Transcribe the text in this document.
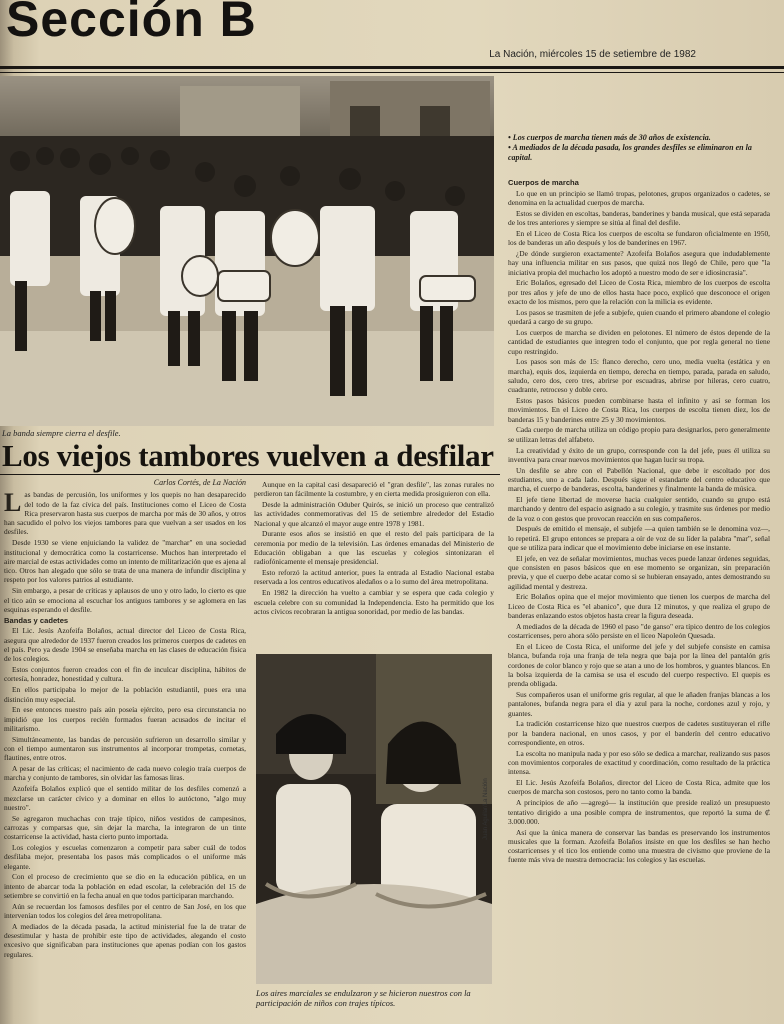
Sección B
La Nación, miércoles 15 de setiembre de 1982
La banda siempre cierra el desfile.

• Los cuerpos de marcha tienen más de 30 años de existencia.

• A mediados de la década pasada, los grandes desfiles se eliminaron en la capital.

Los viejos tambores vuelven a desfilar
Carlos Cortés, de La Nación

Las bandas de percusión, los uniformes y los quepis no han desaparecido del todo de la faz cívica del país. Instituciones como el Liceo de Costa Rica preservaron hasta sus cuerpos de marcha por más de 30 años, y otros han sacudido el polvo los viejos tambores para que vuelvan a ser usados en los desfiles.

Desde 1930 se viene enjuiciando la validez de "marchar" en una sociedad institucional y democrática como la costarricense. Muchos han interpretado el aire marcial de estas actividades como un intento de militarización que es ajena al tico. Otros han alegado que sólo se trata de una manera de infundir disciplina y respeto por los valores patrios al estudiante.

Sin embargo, a pesar de críticas y aplausos de uno y otro lado, lo cierto es que el tico aún se emociona al escuchar los antiguos tambores y se aglomera en las esquinas esperando el desfile.

Bandas y cadetes

El Lic. Jesús Azofeifa Bolaños, actual director del Liceo de Costa Rica, asegura que alrededor de 1937 fueron creados los primeros cuerpos de cadetes en el país. Pero ya desde 1904 se enseñaba marcha en las clases de educación física de los colegios.

Estos conjuntos fueron creados con el fin de inculcar disciplina, hábitos de cortesía, honradez, honestidad y cultura.

En ellos participaba lo mejor de la población estudiantil, pues era una distinción muy especial.

En ese entonces nuestro país aún poseía ejército, pero esa circunstancia no impidió que los cuerpos recién formados fueran acusados de incitar el militarismo.

Simultáneamente, las bandas de percusión sufrieron un desarrollo similar y con el tiempo aumentaron sus instrumentos al incorporar trompetas, cornetas, flautines, entre otros.

A pesar de las críticas; el nacimiento de cada nuevo colegio traía cuerpos de marcha y conjunto de tambores, sin olvidar las famosas liras.

Azofeifa Bolaños explicó que el sentido militar de los desfiles comenzó a mezclarse un carácter cívico y a dominar en ellos lo autóctono, "algo muy nuestro".

Se agregaron muchachas con traje típico, niños vestidos de campesinos, carrozas y comparsas que, sin dejar la marcha, la integraron de un tinte costarricense la actividad, hasta cierto punto importada.

Los colegios y escuelas comenzaron a competir para saber cuál de todos desfilaba mejor, presentaba los pasos más complicados o el uniforme más elegante.

Con el proceso de crecimiento que se dio en la educación pública, en un intento de abarcar toda la población en edad escolar, la celebración del 15 de setiembre se convirtió en la fecha anual en que todos participaran marchando.

Aún se recuerdan los famosos desfiles por el centro de San José, en los que intervenían todos los colegios del área metropolitana.

A mediados de la década pasada, la actitud ministerial fue la de tratar de desestimular y hasta de prohibir este tipo de actividades, alegando el costo excesivo que significaban para instituciones que apenas podían con los gastos regulares.

Aunque en la capital casi desapareció el "gran desfile", las zonas rurales no perdieron tan fácilmente la costumbre, y en cierta medida prosiguieron con ella.

Desde la administración Oduber Quirós, se inició un proceso que centralizó las actividades conmemorativas del 15 de setiembre alrededor del Estadio Nacional y que alcanzó el mayor auge entre 1978 y 1981.

Durante esos años se insistió en que el resto del país participara de la ceremonia por medio de la televisión. Las órdenes emanadas del Ministerio de Educación obligaban a que las escuelas y colegios sintonizaran el radiofónicamente el mensaje presidencial.

Esto reforzó la actitud anterior, pues la entrada al Estadio Nacional estaba reservada a los centros educativos aledaños o a lo sumo del área metropolitana.

En 1982 la dirección ha vuelto a cambiar y se espera que cada colegio y escuela celebre con su comunidad la Independencia. Esto ha permitido que los actos cívicos recobraran la antigua sonoridad, por medio de las bandas.

Juan Aguilar/La Nación
Los aires marciales se endulzaron y se hicieron nuestros con la participación de niños con trajes típicos.

Cuerpos de marcha

Lo que en un principio se llamó tropas, pelotones, grupos organizados o cadetes, se denomina en la actualidad cuerpos de marcha.

Estos se dividen en escoltas, banderas, banderines y banda musical, que está separada de los tres anteriores y siempre se sitúa al final del desfile.

En el Liceo de Costa Rica los cuerpos de escolta se fundaron oficialmente en 1950, los de banderas un año después y los de banderines en 1967.

¿De dónde surgieron exactamente? Azofeifa Bolaños asegura que indudablemente hay una influencia militar en sus pasos, que quizá nos llegó de Chile, pero que "la iniciativa propia del muchacho los adoptó a nuestro modo de ser e idiosincrasia".

Eric Bolaños, egresado del Liceo de Costa Rica, miembro de los cuerpos de escolta por tres años y jefe de uno de ellos hasta hace poco, explicó que desconoce el origen exacto de los mismos, pero que la relación con la milicia es evidente.

Los pasos se trasmiten de jefe a subjefe, quien cuando el primero abandone el colegio quedará a cargo de su grupo.

Los cuerpos de marcha se dividen en pelotones. El número de éstos depende de la cantidad de estudiantes que integren todo el conjunto, que por regla general no tiene cupo restringido.

Los pasos son más de 15: flanco derecho, cero uno, media vuelta (estática y en marcha), equis dos, izquierda en tiempo, derecha en tiempo, parada, parada en saludo, saludo, cero dos, cero tres, abrirse por escuadras, abrirse por hileras, cero cuatro, cuadrante, retroceso y doble cero.

Estos pasos básicos pueden combinarse hasta el infinito y así se forman los movimientos. En el Liceo de Costa Rica, los cuerpos de escolta tienen diez, los de banderas 15 y banderines entre 25 y 30 movimientos.

Cada cuerpo de marcha utiliza un código propio para designarlos, pero generalmente se utilizan letras del alfabeto.

La creatividad y éxito de un grupo, corresponde con la del jefe, pues él utiliza su inventiva para crear nuevos movimientos que hagan lucir su tropa.

Un desfile se abre con el Pabellón Nacional, que debe ir escoltado por dos estudiantes, uno a cada lado. Después sigue el estandarte del centro educativo que marcha, el cuerpo de banderas, escolta, banderines y finalmente la banda de música.

El jefe tiene libertad de moverse hacia cualquier sentido, cuando su grupo está marchando y dentro del espacio asignado a su colegio, y trasmite sus órdenes por medio de la voz o con gestos que provocan reacción en sus compañeros.

Después de emitido el mensaje, el subjefe —a quien también se le denomina voz—, lo repetirá. El grupo entonces se prepara a oír de voz de su líder la palabra "mar", señal que se utiliza para indicar que el movimiento debe iniciarse en ese instante.

El jefe, en vez de señalar movimientos, muchas veces puede lanzar órdenes seguidas, que consisten en pasos básicos que en ese momento se organizan, sin preparación previa, y que el cuerpo debe acatar como si se hubieran ensayado, antes demostrando su agilidad mental y destreza.

Eric Bolaños opina que el mejor movimiento que tienen los cuerpos de marcha del Liceo de Costa Rica es "el abanico", que dura 12 minutos, y que realiza el grupo de banderas enlazando estos objetos hasta crear la figura deseada.

A mediados de la década de 1960 el paso "de ganso" era típico dentro de los colegios costarricenses, pero ahora sólo persiste en el liceo Napoleón Quesada.

En el Liceo de Costa Rica, el uniforme del jefe y del subjefe consiste en camisa blanca, bufanda roja una franja de tela negra que baja por la línea del pantalón gris cordones de color blanco y rojo que se atan a uno de los hombros, y guantes blancos. En la bolsa izquierda de la camisa se usa el escudo del cuerpo respectivo. El quepis es prenda obligada.

Sus compañeros usan el uniforme gris regular, al que le añaden franjas blancas a los pantalones, bufanda negra para el día y azul para la noche, cordones azul y rojo, y guantes.

La tradición costarricense hizo que nuestros cuerpos de cadetes sustituyeran el rifle por la bandera nacional, en unos casos, y por el banderín del centro educativo correspondiente, en otros.

La escolta no manipula nada y por eso sólo se dedica a marchar, realizando sus pasos con movimientos corporales de exactitud y coordinación, como resultado de la práctica intensa.

El Lic. Jesús Azofeifa Bolaños, director del Liceo de Costa Rica, admite que los cuerpos de marcha son costosos, pero no tanto como la banda.

A principios de año —agregó— la institución que preside realizó un presupuesto tentativo dirigido a una posible compra de instrumentos, que reportó la suma de ₡ 3.000.000.

Así que la única manera de conservar las bandas es preservando los instrumentos musicales que la forman. Azofeifa Bolaños insiste en que los desfiles se han hecho costarricenses y el tico los entiende como una muestra de civismo que proviene de la fuente más viva de nuestra democracia: los colegios y las escuelas.
